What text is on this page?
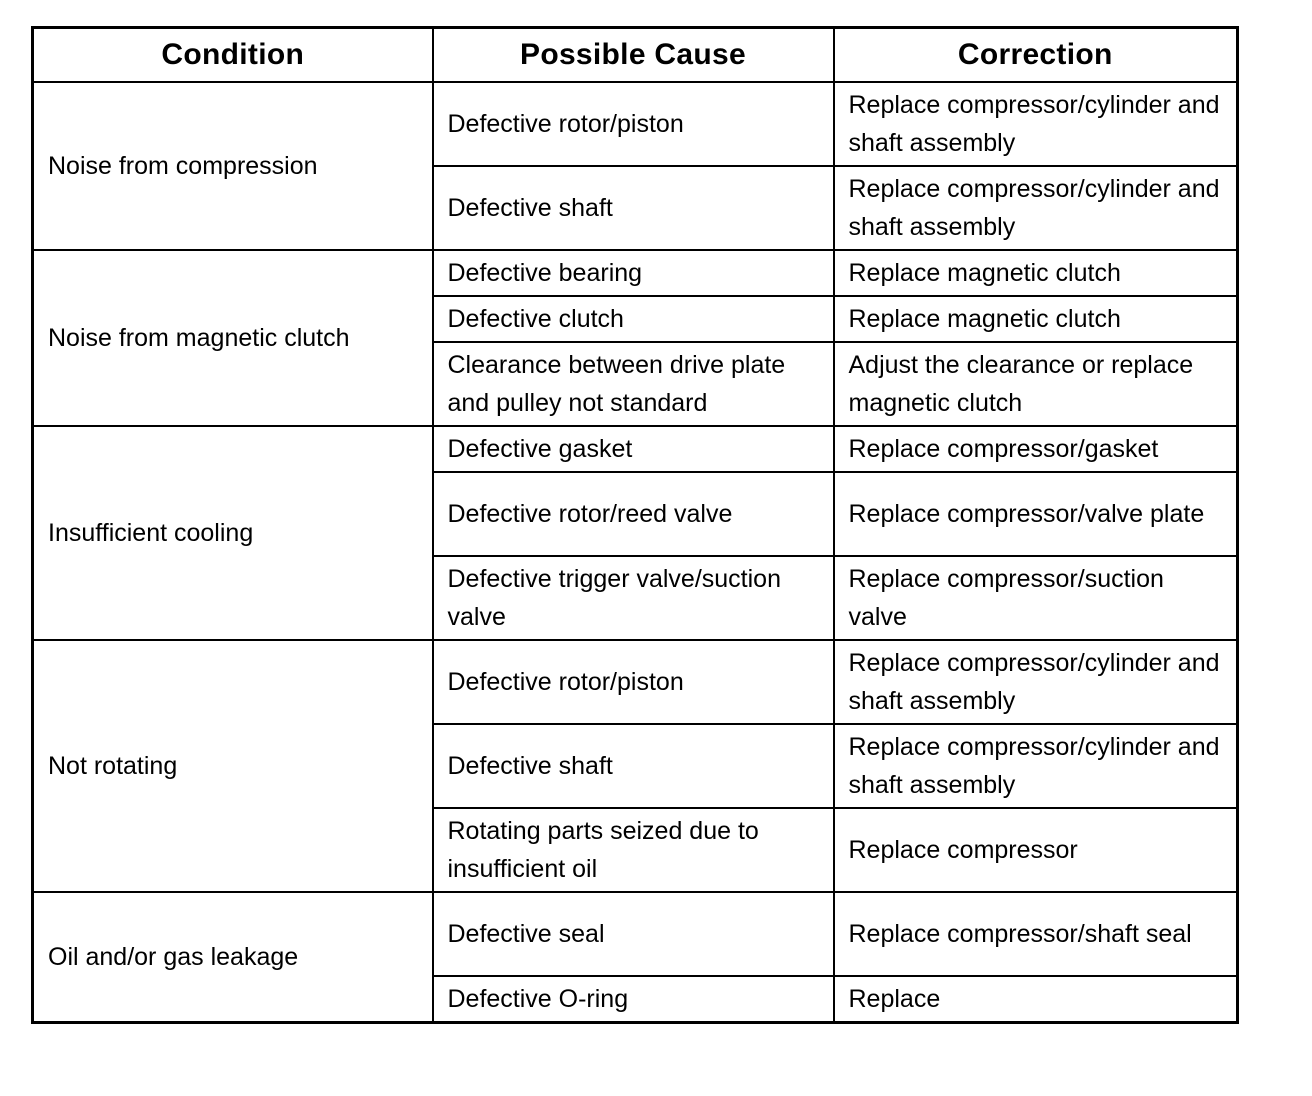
Condition	Possible Cause	Correction
Noise from compression	Defective rotor/piston	Replace compressor/cylinder and shaft assembly
	Defective shaft	Replace compressor/cylinder and shaft assembly
Noise from magnetic clutch	Defective bearing	Replace magnetic clutch
	Defective clutch	Replace magnetic clutch
	Clearance between drive plate and pulley not standard	Adjust the clearance or replace magnetic clutch
Insufficient cooling	Defective gasket	Replace compressor/gasket
	Defective rotor/reed valve	Replace compressor/valve plate
	Defective trigger valve/suction valve	Replace compressor/suction valve
Not rotating	Defective rotor/piston	Replace compressor/cylinder and shaft assembly
	Defective shaft	Replace compressor/cylinder and shaft assembly
	Rotating parts seized due to insufficient oil	Replace compressor
Oil and/or gas leakage	Defective seal	Replace compressor/shaft seal
	Defective O-ring	Replace
